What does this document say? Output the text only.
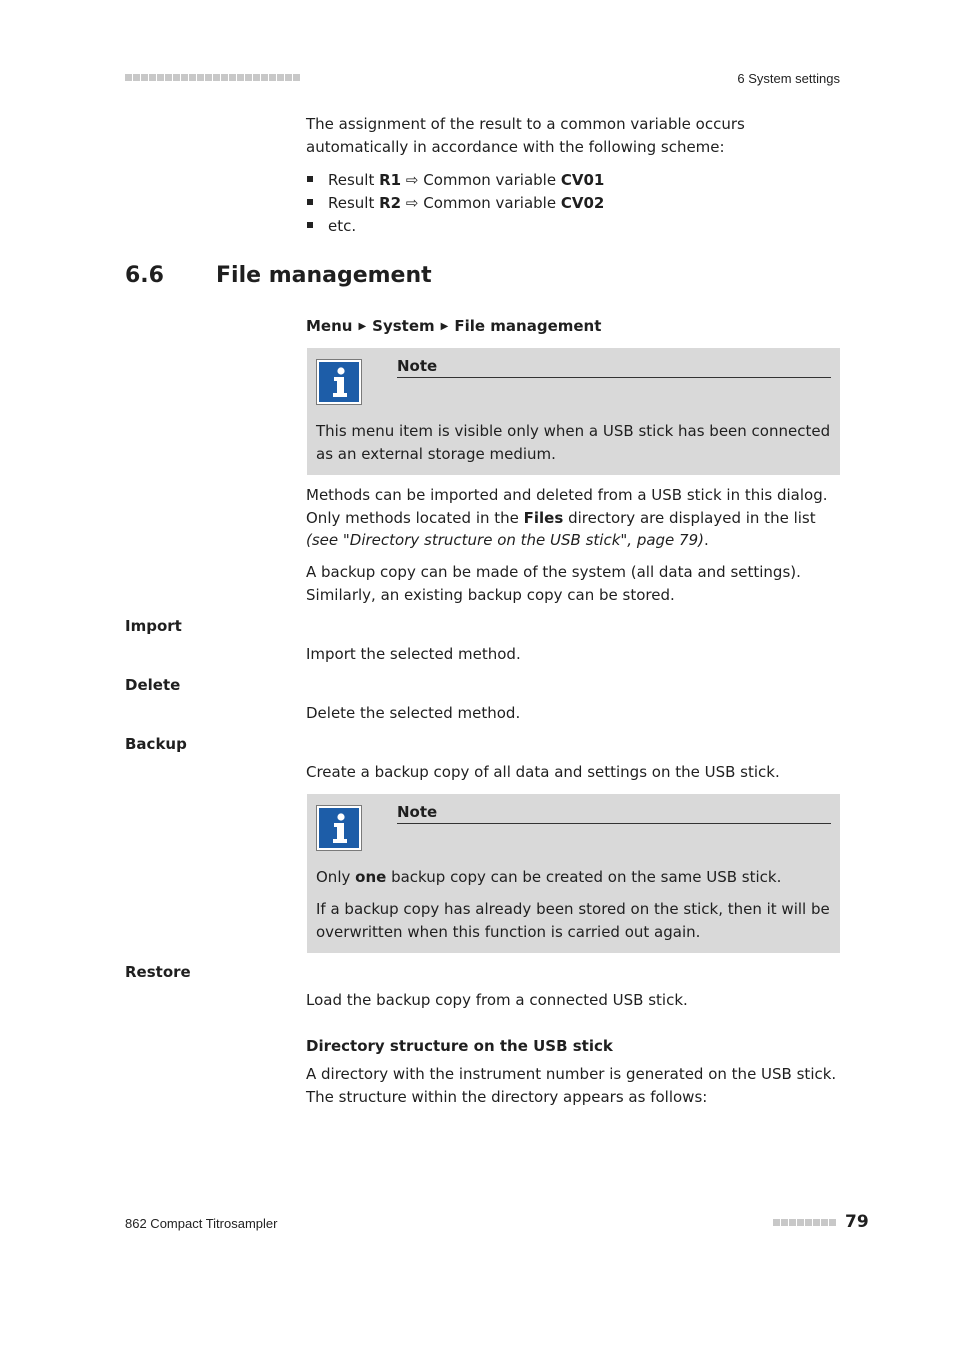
6 System settings
The assignment of the result to a common variable occurs automatically in accordance with the following scheme:
Result R1 ⇨ Common variable CV01
Result R2 ⇨ Common variable CV02
etc.
6.6 File management
Menu ▶ System ▶ File management
Note
This menu item is visible only when a USB stick has been connected as an external storage medium.
Methods can be imported and deleted from a USB stick in this dialog. Only methods located in the Files directory are displayed in the list (see "Directory structure on the USB stick", page 79).
A backup copy can be made of the system (all data and settings). Similarly, an existing backup copy can be stored.
Import
Import the selected method.
Delete
Delete the selected method.
Backup
Create a backup copy of all data and settings on the USB stick.
Note
Only one backup copy can be created on the same USB stick.
If a backup copy has already been stored on the stick, then it will be overwritten when this function is carried out again.
Restore
Load the backup copy from a connected USB stick.
Directory structure on the USB stick
A directory with the instrument number is generated on the USB stick. The structure within the directory appears as follows:
862 Compact Titrosampler	79
